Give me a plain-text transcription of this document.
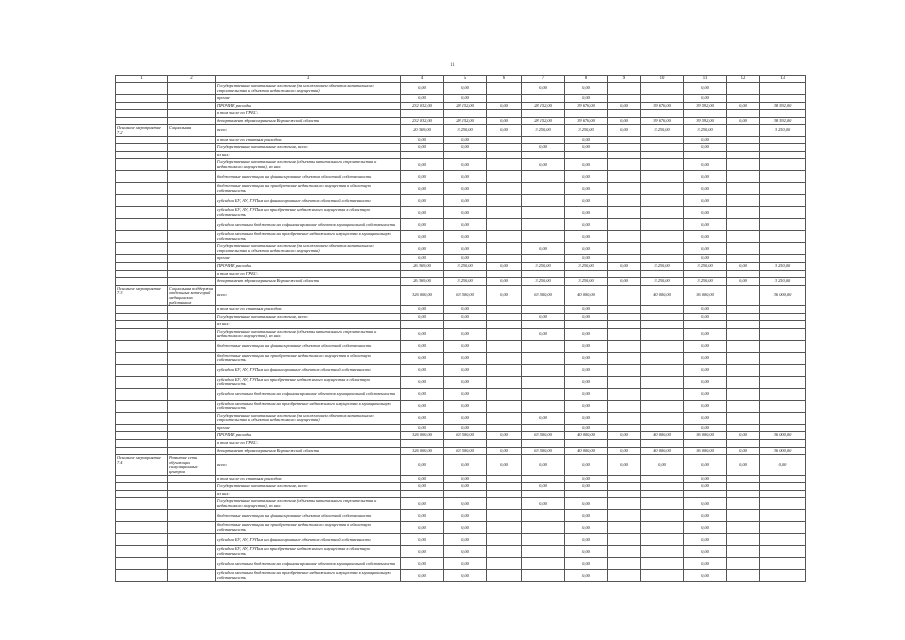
11
1	2	3	4	5	6	7	8	9	10	11	12	13
		Государственные капитальные вложения (за исключением объектов капитального строительства и объектов недвижимого имущества)	0,00	0,00		0,00	0,00			0,00		
		прочие	0,00	0,00			0,00			0,00		
		ПРОЧИЕ расходы	232 032,00	28 152,00	0,00	28 152,00	39 676,00	0,00	39 676,00	39 592,00	0,00	38 592,00
		в том числе по ГРБС:										
		департамент здравоохранения Воронежской области	232 032,00	28 152,00	0,00	28 152,00	39 676,00	0,00	39 676,00	39 592,00	0,00	38 592,00
Основное мероприятие 7.2	Социальная	всего	20 369,00	3 250,00	0,00	3 250,00	3 250,00	0,00	3 250,00	3 250,00		3 250,00
		в том числе по статьям расходов:	0,00	0,00			0,00			0,00		
		Государственные капитальные вложения, всего	0,00	0,00		0,00	0,00			0,00		
		из них:										
		Государственные капитальные вложения (объекты капитального строительства и недвижимого имущества), из них:	0,00	0,00		0,00	0,00			0,00		
		бюджетные инвестиции на финансирование объектов областной собственности	0,00	0,00			0,00			0,00		
		бюджетные инвестиции на приобретение недвижимого имущества в областную собственность	0,00	0,00			0,00			0,00		
		субсидии БУ, АУ, ГУПам на финансирование объектов областной собственности	0,00	0,00			0,00			0,00		
		субсидии БУ, АУ, ГУПам на приобретение недвижимого имущества в областную собственность	0,00	0,00			0,00			0,00		
		субсидии местным бюджетам на софинансирование объектов муниципальной собственности	0,00	0,00			0,00			0,00		
		субсидии местным бюджетам на приобретение недвижимого имущества в муниципальную собственность	0,00	0,00			0,00			0,00		
		Государственные капитальные вложения (за исключением объектов капитального строительства и объектов недвижимого имущества)	0,00	0,00		0,00	0,00			0,00		
		прочие	0,00	0,00			0,00			0,00		
		ПРОЧИЕ расходы	26 369,00	3 250,00	0,00	3 250,00	3 250,00	0,00	3 250,00	3 250,00	0,00	3 250,00
		в том числе по ГРБС:										
		департамент здравоохранения Воронежской области	26 369,00	3 250,00	0,00	3 250,00	3 250,00	0,00	3 250,00	3 250,00	0,00	3 250,00
Основное мероприятие 7.3	Социальная поддержка отдельных категорий медицинских работников	всего	326 000,00	63 500,00	0,00	63 500,00	40 000,00		40 000,00	36 000,00		36 000,00
		в том числе по статьям расходов:	0,00	0,00			0,00			0,00		
		Государственные капитальные вложения, всего	0,00	0,00		0,00	0,00			0,00		
		из них:										
		Государственные капитальные вложения (объекты капитального строительства и недвижимого имущества), из них:	0,00	0,00		0,00	0,00			0,00		
		бюджетные инвестиции на финансирование объектов областной собственности	0,00	0,00			0,00			0,00		
		бюджетные инвестиции на приобретение недвижимого имущества в областную собственность	0,00	0,00			0,00			0,00		
		субсидии БУ, АУ, ГУПам на финансирование объектов областной собственности	0,00	0,00			0,00			0,00		
		субсидии БУ, АУ, ГУПам на приобретение недвижимого имущества в областную собственность	0,00	0,00			0,00			0,00		
		субсидии местным бюджетам на софинансирование объектов муниципальной собственности	0,00	0,00			0,00			0,00		
		субсидии местным бюджетам на приобретение недвижимого имущества в муниципальную собственность	0,00	0,00			0,00			0,00		
		Государственные капитальные вложения (за исключением объектов капитального строительства и объектов недвижимого имущества)	0,00	0,00		0,00	0,00			0,00		
		прочие	0,00	0,00			0,00			0,00		
		ПРОЧИЕ расходы	326 000,00	63 500,00	0,00	63 500,00	40 000,00	0,00	40 000,00	36 000,00	0,00	36 000,00
		в том числе по ГРБС:										
		департамент здравоохранения Воронежской области	326 000,00	63 500,00	0,00	63 500,00	40 000,00	0,00	40 000,00	36 000,00	0,00	36 000,00
Основное мероприятие 7.4	Развитие сети обучающих симуляционных центров	всего	0,00	0,00	0,00	0,00	0,00	0,00	0,00	0,00	0,00	0,00
		в том числе по статьям расходов:	0,00	0,00			0,00			0,00		
		Государственные капитальные вложения, всего	0,00	0,00		0,00	0,00			0,00		
		из них:										
		Государственные капитальные вложения (объекты капитального строительства и недвижимого имущества), из них:	0,00	0,00		0,00	0,00			0,00		
		бюджетные инвестиции на финансирование объектов областной собственности	0,00	0,00			0,00			0,00		
		бюджетные инвестиции на приобретение недвижимого имущества в областную собственность	0,00	0,00			0,00			0,00		
		субсидии БУ, АУ, ГУПам на финансирование объектов областной собственности	0,00	0,00			0,00			0,00		
		субсидии БУ, АУ, ГУПам на приобретение недвижимого имущества в областную собственность	0,00	0,00			0,00			0,00		
		субсидии местным бюджетам на софинансирование объектов муниципальной собственности	0,00	0,00			0,00			0,00		
		субсидии местным бюджетам на приобретение недвижимого имущества в муниципальную собственность	0,00	0,00			0,00			0,00		
